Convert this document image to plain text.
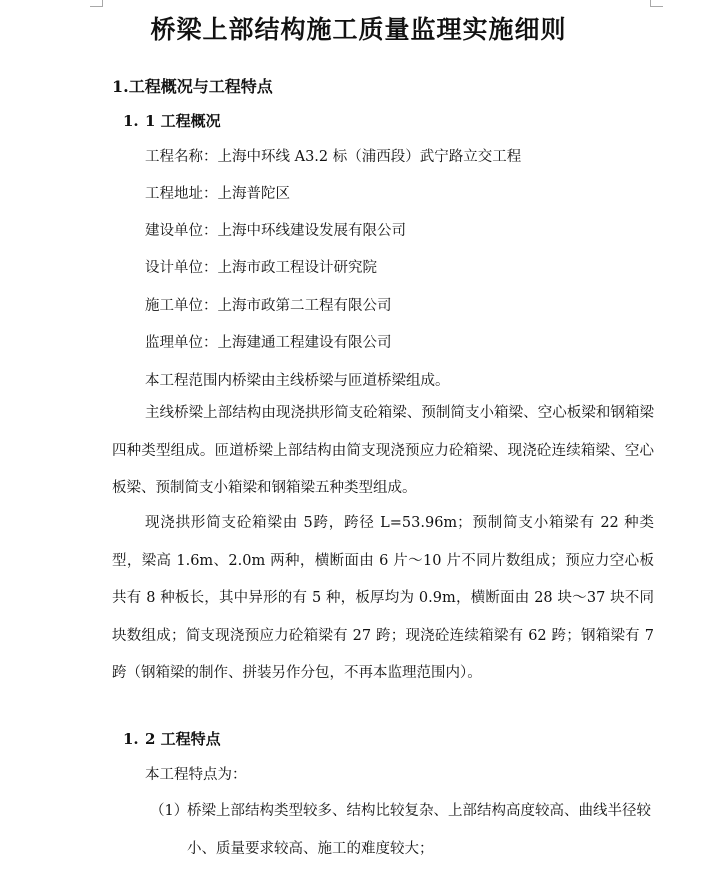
桥梁上部结构施工质量监理实施细则

1.工程概况与工程特点

1. 1 工程概况

工程名称：上海中环线 A3.2 标（浦西段）武宁路立交工程

工程地址：上海普陀区

建设单位：上海中环线建设发展有限公司

设计单位：上海市政工程设计研究院

施工单位：上海市政第二工程有限公司

监理单位：上海建通工程建设有限公司

本工程范围内桥梁由主线桥梁与匝道桥梁组成。

主线桥梁上部结构由现浇拱形简支砼箱梁、预制简支小箱梁、空心板梁和钢箱梁四种类型组成。匝道桥梁上部结构由简支现浇预应力砼箱梁、现浇砼连续箱梁、空心板梁、预制简支小箱梁和钢箱梁五种类型组成。

现浇拱形简支砼箱梁由 5跨，跨径 L=53.96m；预制简支小箱梁有 22 种类型，梁高 1.6m、2.0m 两种，横断面由 6 片～10 片不同片数组成；预应力空心板共有 8 种板长，其中异形的有 5 种，板厚均为 0.9m，横断面由 28 块～37 块不同块数组成；简支现浇预应力砼箱梁有 27 跨；现浇砼连续箱梁有 62 跨；钢箱梁有 7 跨（钢箱梁的制作、拼装另作分包，不再本监理范围内）。

1. 2 工程特点

本工程特点为：

（1）
桥梁上部结构类型较多、结构比较复杂、上部结构高度较高、曲线半径较小、质量要求较高、施工的难度较大；
